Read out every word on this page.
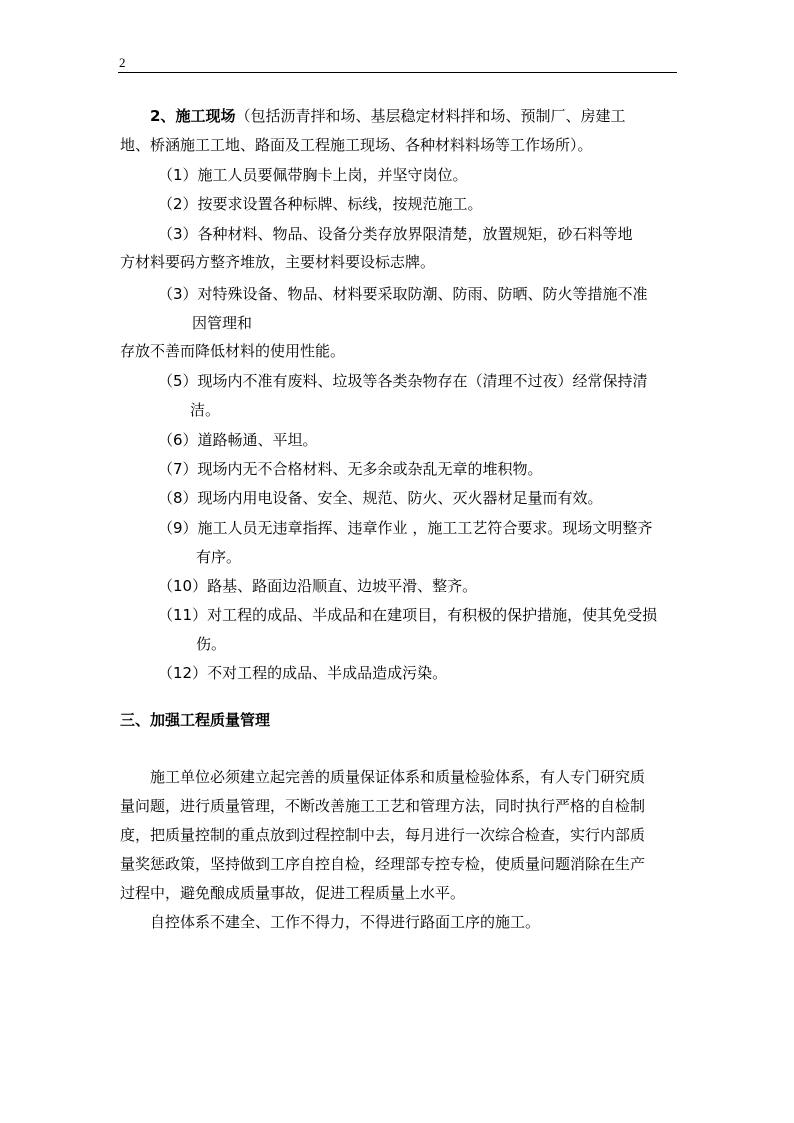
2
2、施工现场（包括沥青拌和场、基层稳定材料拌和场、预制厂、房建工
地、桥涵施工工地、路面及工程施工现场、各种材料料场等工作场所）。
（1）施工人员要佩带胸卡上岗，并坚守岗位。
（2）按要求设置各种标牌、标线，按规范施工。
（3）各种材料、物品、设备分类存放界限清楚，放置规矩，砂石料等地
方材料要码方整齐堆放，主要材料要设标志牌。
（3）对特殊设备、物品、材料要采取防潮、防雨、防晒、防火等措施不准
因管理和
存放不善而降低材料的使用性能。
（5）现场内不准有废料、垃圾等各类杂物存在（清理不过夜）经常保持清
洁。
（6）道路畅通、平坦。
（7）现场内无不合格材料、无多余或杂乱无章的堆积物。
（8）现场内用电设备、安全、规范、防火、灭火器材足量而有效。
（9）施工人员无违章指挥、违章作业 ，施工工艺符合要求。现场文明整齐
有序。
（10）路基、路面边沿顺直、边坡平滑、整齐。
（11）对工程的成品、半成品和在建项目，有积极的保护措施，使其免受损
伤。
（12）不对工程的成品、半成品造成污染。
三、加强工程质量管理
施工单位必须建立起完善的质量保证体系和质量检验体系，有人专门研究质
量问题，进行质量管理，不断改善施工工艺和管理方法，同时执行严格的自检制
度，把质量控制的重点放到过程控制中去，每月进行一次综合检查，实行内部质
量奖惩政策，坚持做到工序自控自检，经理部专控专检，使质量问题消除在生产
过程中，避免酿成质量事故，促进工程质量上水平。
自控体系不建全、工作不得力，不得进行路面工序的施工。
